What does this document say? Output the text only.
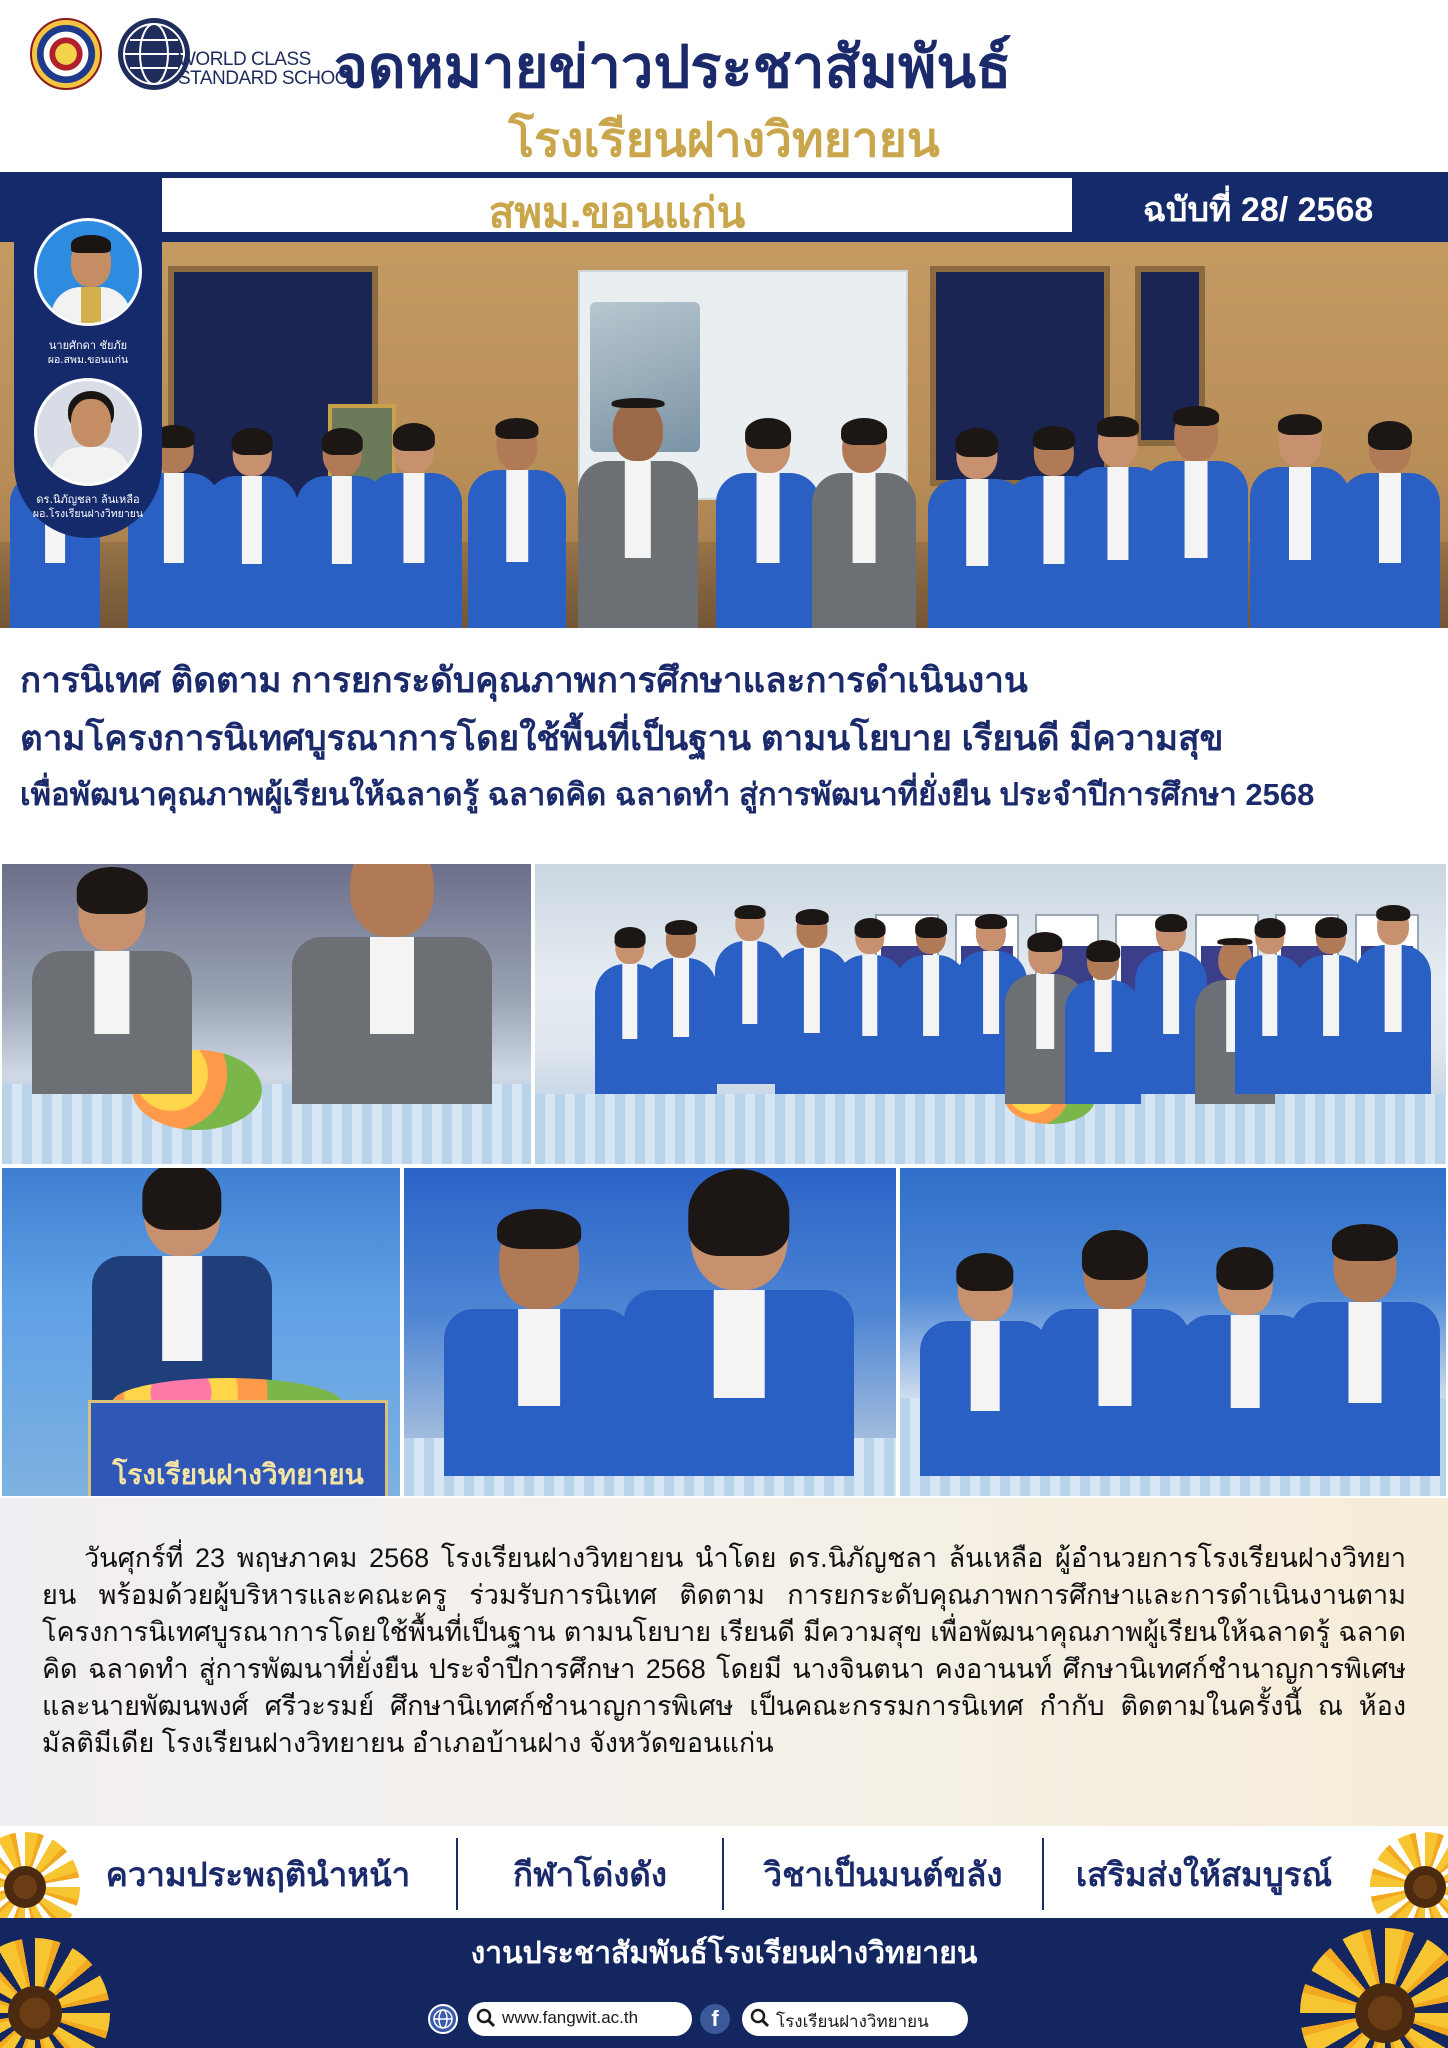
WORLD CLASS
STANDARD SCHOOL
จดหมายข่าวประชาสัมพันธ์
โรงเรียนฝางวิทยายน
สพม.ขอนแก่น	ฉบับที่ 28/ 2568
นายศักดา ชัยภัย
ผอ.สพม.ขอนแก่น
ดร.นิภัญชลา ล้นเหลือ
ผอ.โรงเรียนฝางวิทยายน
การนิเทศ ติดตาม การยกระดับคุณภาพการศึกษาและการดำเนินงาน
ตามโครงการนิเทศบูรณาการโดยใช้พื้นที่เป็นฐาน ตามนโยบาย เรียนดี มีความสุข
เพื่อพัฒนาคุณภาพผู้เรียนให้ฉลาดรู้ ฉลาดคิด ฉลาดทำ สู่การพัฒนาที่ยั่งยืน ประจำปีการศึกษา 2568
โรงเรียนฝางวิทยายน

วันศุกร์ที่ 23 พฤษภาคม 2568 โรงเรียนฝางวิทยายน นำโดย ดร.นิภัญชลา ล้นเหลือ ผู้อำนวยการโรงเรียนฝางวิทยายน พร้อมด้วยผู้บริหารและคณะครู ร่วมรับการนิเทศ ติดตาม การยกระดับคุณภาพการศึกษาและการดำเนินงานตามโครงการนิเทศบูรณาการโดยใช้พื้นที่เป็นฐาน ตามนโยบาย เรียนดี มีความสุข เพื่อพัฒนาคุณภาพผู้เรียนให้ฉลาดรู้ ฉลาดคิด ฉลาดทำ สู่การพัฒนาที่ยั่งยืน ประจำปีการศึกษา 2568 โดยมี นางจินตนา คงอานนท์ ศึกษานิเทศก์ชำนาญการพิเศษ และนายพัฒนพงศ์ ศรีวะรมย์ ศึกษานิเทศก์ชำนาญการพิเศษ เป็นคณะกรรมการนิเทศ กำกับ ติดตามในครั้งนี้ ณ ห้องมัลติมีเดีย โรงเรียนฝางวิทยายน อำเภอบ้านฝาง จังหวัดขอนแก่น

ความประพฤตินำหน้า	กีฬาโด่งดัง	วิชาเป็นมนต์ขลัง	เสริมส่งให้สมบูรณ์
งานประชาสัมพันธ์โรงเรียนฝางวิทยายน
www.fangwit.ac.th	f	โรงเรียนฝางวิทยายน
